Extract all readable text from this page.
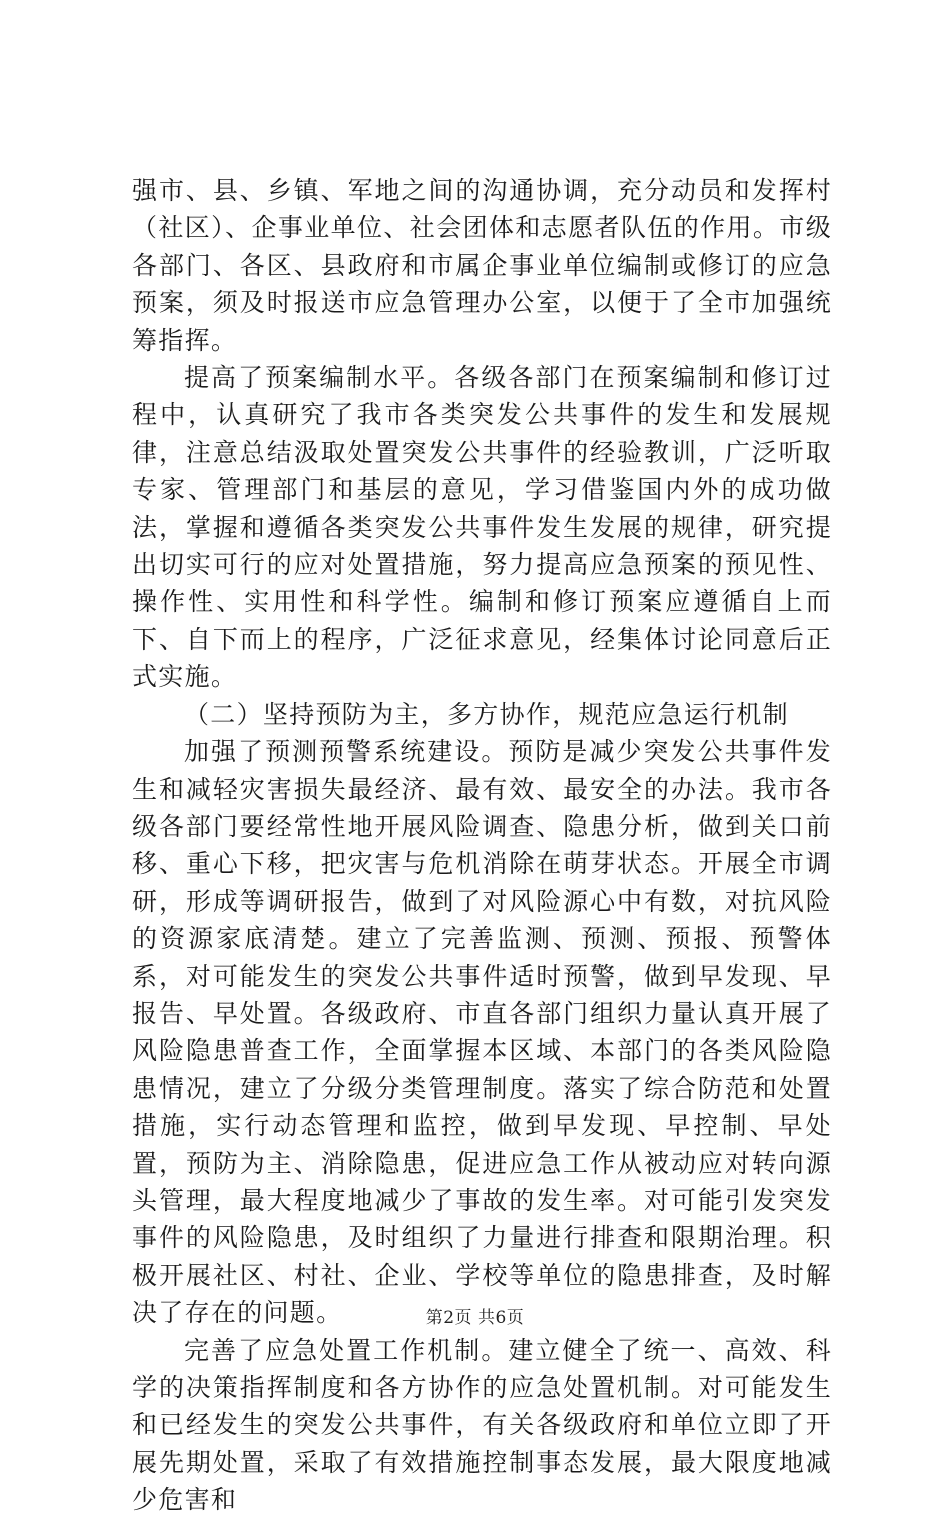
强市、县、乡镇、军地之间的沟通协调，充分动员和发挥村（社区）、企事业单位、社会团体和志愿者队伍的作用。市级各部门、各区、县政府和市属企事业单位编制或修订的应急预案，须及时报送市应急管理办公室，以便于了全市加强统筹指挥。

提高了预案编制水平。各级各部门在预案编制和修订过程中，认真研究了我市各类突发公共事件的发生和发展规律，注意总结汲取处置突发公共事件的经验教训，广泛听取专家、管理部门和基层的意见，学习借鉴国内外的成功做法，掌握和遵循各类突发公共事件发生发展的规律，研究提出切实可行的应对处置措施，努力提高应急预案的预见性、操作性、实用性和科学性。编制和修订预案应遵循自上而下、自下而上的程序，广泛征求意见，经集体讨论同意后正式实施。

（二）坚持预防为主，多方协作，规范应急运行机制

加强了预测预警系统建设。预防是减少突发公共事件发生和减轻灾害损失最经济、最有效、最安全的办法。我市各级各部门要经常性地开展风险调查、隐患分析，做到关口前移、重心下移，把灾害与危机消除在萌芽状态。开展全市调研，形成等调研报告，做到了对风险源心中有数，对抗风险的资源家底清楚。建立了完善监测、预测、预报、预警体系，对可能发生的突发公共事件适时预警，做到早发现、早报告、早处置。各级政府、市直各部门组织力量认真开展了风险隐患普查工作，全面掌握本区域、本部门的各类风险隐患情况，建立了分级分类管理制度。落实了综合防范和处置措施，实行动态管理和监控，做到早发现、早控制、早处置，预防为主、消除隐患，促进应急工作从被动应对转向源头管理，最大程度地减少了事故的发生率。对可能引发突发事件的风险隐患，及时组织了力量进行排查和限期治理。积极开展社区、村社、企业、学校等单位的隐患排查，及时解决了存在的问题。

完善了应急处置工作机制。建立健全了统一、高效、科学的决策指挥制度和各方协作的应急处置机制。对可能发生和已经发生的突发公共事件，有关各级政府和单位立即了开展先期处置，采取了有效措施控制事态发展，最大限度地减少危害和

第2页 共6页
